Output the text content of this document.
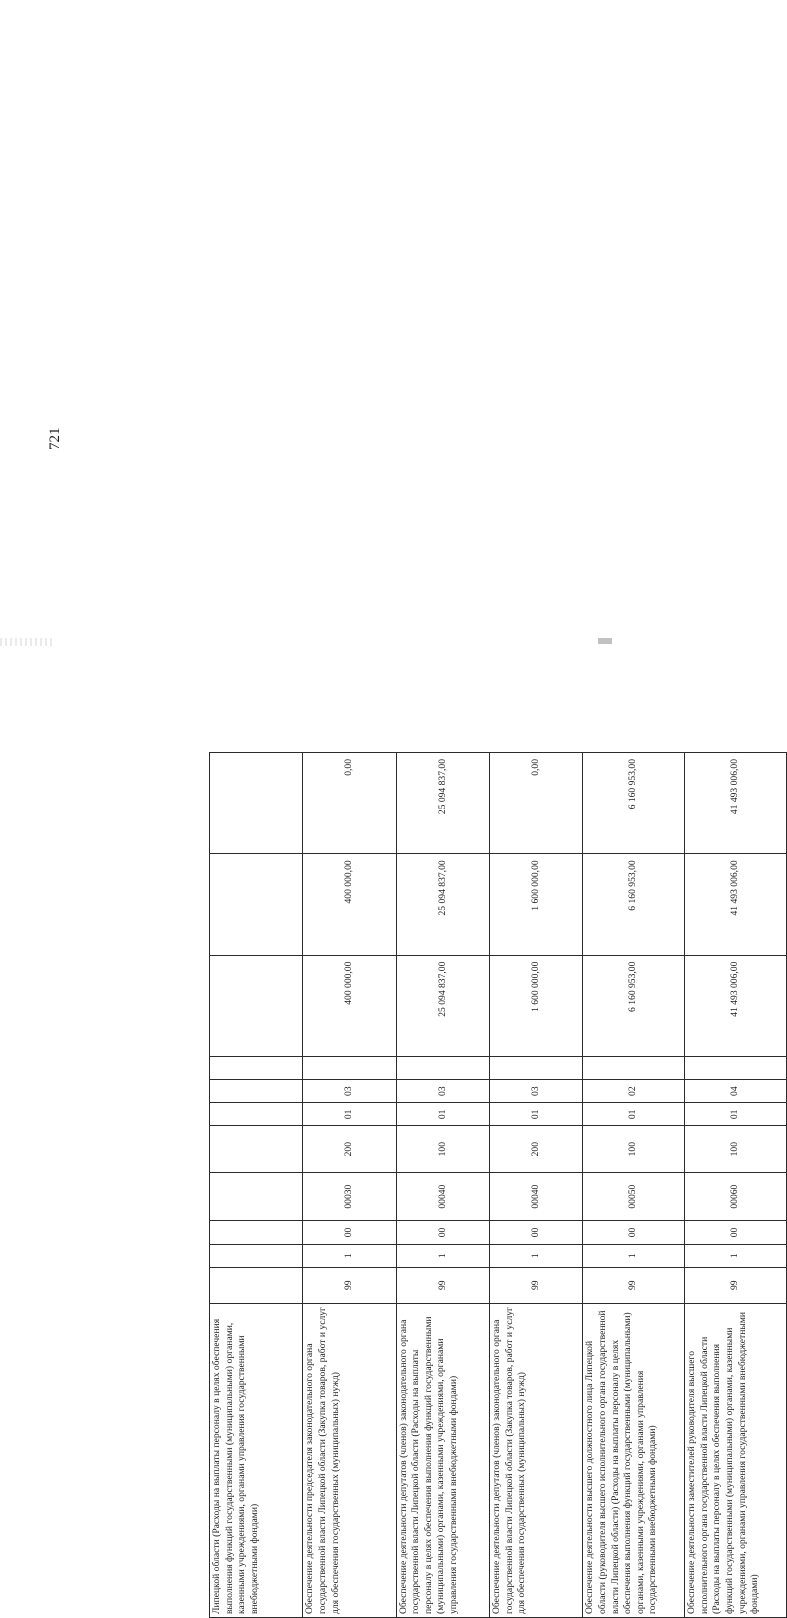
721
Липецкой области (Расходы на выплаты персоналу в целях обеспечения выполнения функций государственными (муниципальными) органами, казенными учреждениями, органами управления государственными внебюджетными фондами)											
Обеспечение деятельности председателя законодательного органа государственной власти Липецкой области (Закупка товаров, работ и услуг для обеспечения государственных (муниципальных) нужд)	99	1	00	00030	200	01	03		400 000,00	400 000,00	0,00
Обеспечение деятельности депутатов (членов) законодательного органа государственной власти Липецкой области (Расходы на выплаты персоналу в целях обеспечения выполнения функций государственными (муниципальными) органами, казенными учреждениями, органами управления государственными внебюджетными фондами)	99	1	00	00040	100	01	03		25 094 837,00	25 094 837,00	25 094 837,00
Обеспечение деятельности депутатов (членов) законодательного органа государственной власти Липецкой области (Закупка товаров, работ и услуг для обеспечения государственных (муниципальных) нужд)	99	1	00	00040	200	01	03		1 600 000,00	1 600 000,00	0,00
Обеспечение деятельности высшего должностного лица Липецкой области (руководителя высшего исполнительного органа государственной власти Липецкой области) (Расходы на выплаты персоналу в целях обеспечения выполнения функций государственными (муниципальными) органами, казенными учреждениями, органами управления государственными внебюджетными фондами)	99	1	00	00050	100	01	02		6 160 953,00	6 160 953,00	6 160 953,00
Обеспечение деятельности заместителей руководителя высшего исполнительного органа государственной власти Липецкой области (Расходы на выплаты персоналу в целях обеспечения выполнения функций государственными (муниципальными) органами, казенными учреждениями, органами управления государственными внебюджетными фондами)	99	1	00	00060	100	01	04		41 493 006,00	41 493 006,00	41 493 006,00
